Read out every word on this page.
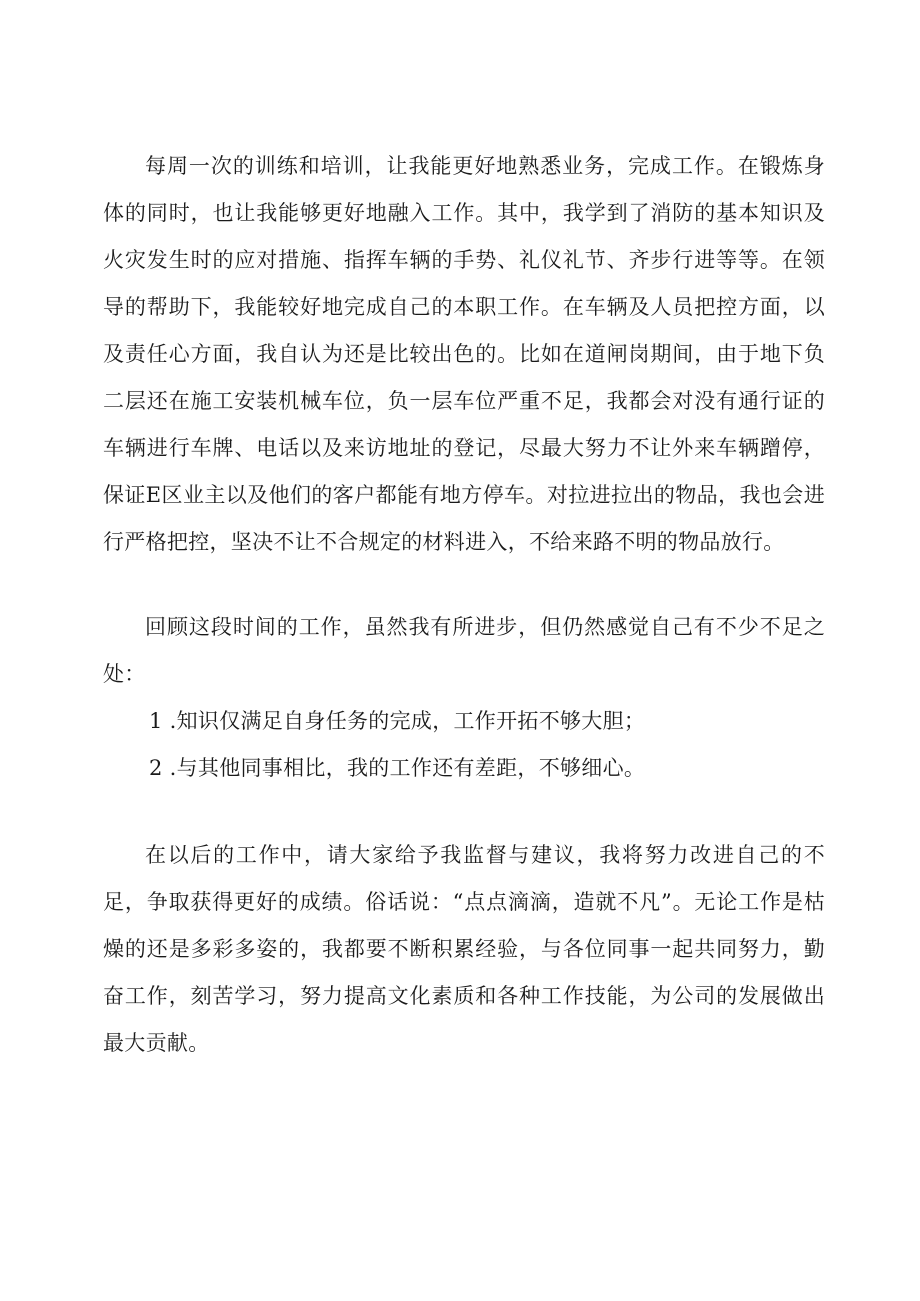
每周一次的训练和培训，让我能更好地熟悉业务，完成工作。在锻炼身体的同时，也让我能够更好地融入工作。其中，我学到了消防的基本知识及火灾发生时的应对措施、指挥车辆的手势、礼仪礼节、齐步行进等等。在领导的帮助下，我能较好地完成自己的本职工作。在车辆及人员把控方面，以及责任心方面，我自认为还是比较出色的。比如在道闸岗期间，由于地下负二层还在施工安装机械车位，负一层车位严重不足，我都会对没有通行证的车辆进行车牌、电话以及来访地址的登记，尽最大努力不让外来车辆蹭停，保证E区业主以及他们的客户都能有地方停车。对拉进拉出的物品，我也会进行严格把控，坚决不让不合规定的材料进入，不给来路不明的物品放行。

回顾这段时间的工作，虽然我有所进步，但仍然感觉自己有不少不足之处：

1 .知识仅满足自身任务的完成，工作开拓不够大胆；

2 .与其他同事相比，我的工作还有差距，不够细心。

在以后的工作中，请大家给予我监督与建议，我将努力改进自己的不足，争取获得更好的成绩。俗话说：“点点滴滴，造就不凡”。无论工作是枯燥的还是多彩多姿的，我都要不断积累经验，与各位同事一起共同努力，勤奋工作，刻苦学习，努力提高文化素质和各种工作技能，为公司的发展做出最大贡献。
